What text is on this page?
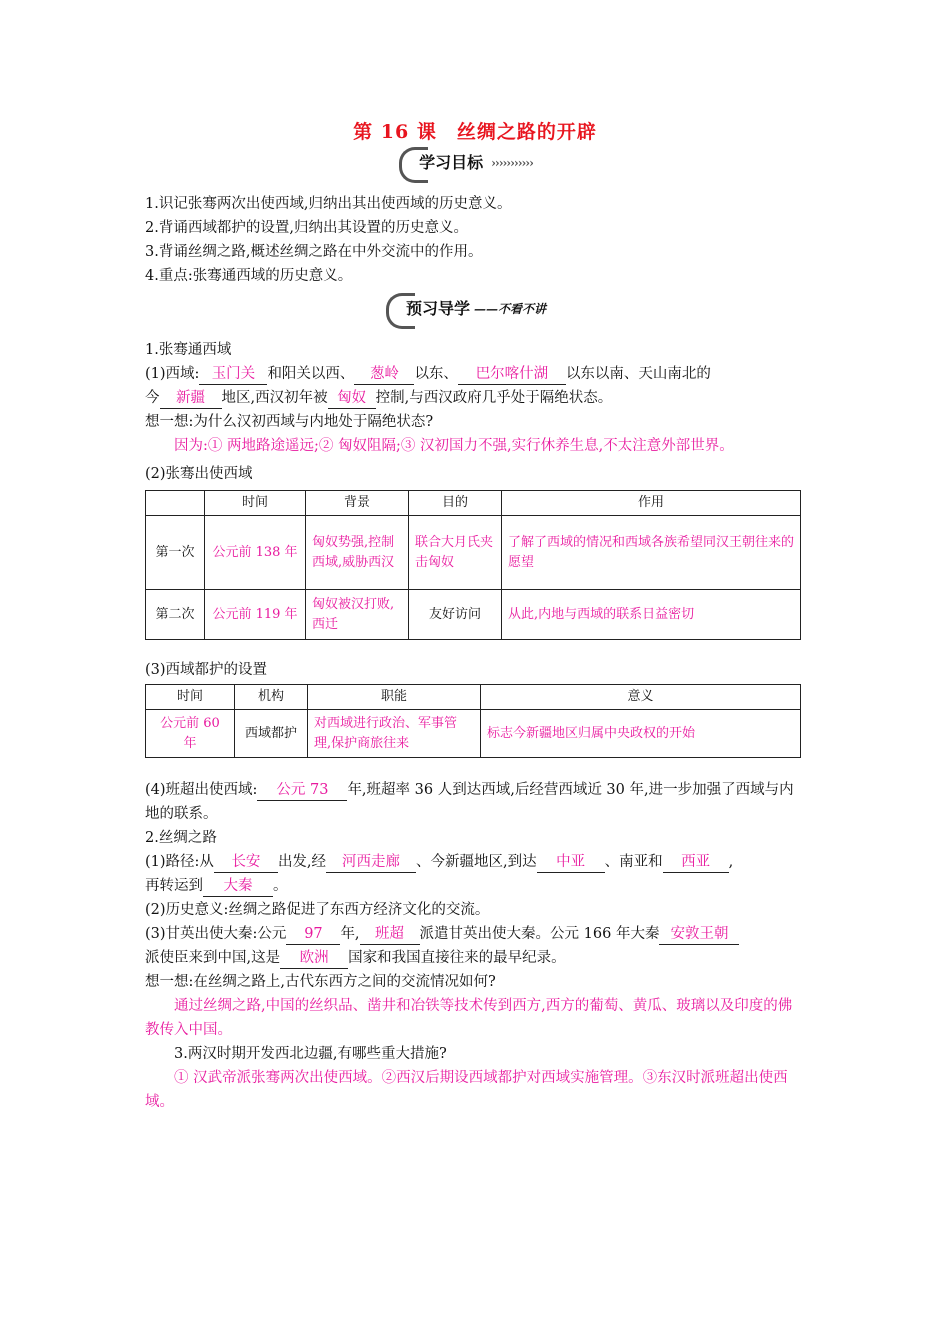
第 16 课　丝绸之路的开辟

学习目标 ›››››››››››

1.识记张骞两次出使西域,归纳出其出使西域的历史意义。

2.背诵西域都护的设置,归纳出其设置的历史意义。

3.背诵丝绸之路,概述丝绸之路在中外交流中的作用。

4.重点:张骞通西域的历史意义。

预习导学 ——不看不讲

1.张骞通西域

(1)西域: 玉门关 和阳关以西、 葱岭 以东、 巴尔喀什湖 以东以南、天山南北的
今 新疆 地区,西汉初年被 匈奴 控制,与西汉政府几乎处于隔绝状态。

想一想:为什么汉初西域与内地处于隔绝状态?

因为:① 两地路途遥远;② 匈奴阻隔;③ 汉初国力不强,实行休养生息,不太注意外部世界。

(2)张骞出使西域

	时间	背景	目的	作用
第一次	公元前 138 年	匈奴势强,控制西域,威胁西汉	联合大月氏夹击匈奴	了解了西域的情况和西域各族希望同汉王朝往来的愿望
第二次	公元前 119 年	匈奴被汉打败,西迁	友好访问	从此,内地与西域的联系日益密切

(3)西域都护的设置

时间	机构	职能	意义
公元前 60 年	西域都护	对西域进行政治、军事管理,保护商旅往来	标志今新疆地区归属中央政权的开始

(4)班超出使西域: 公元 73 年,班超率 36 人到达西域,后经营西域近 30 年,进一步加强了西域与内地的联系。

2.丝绸之路

(1)路径:从 长安 出发,经 河西走廊 、今新疆地区,到达 中亚 、南亚和 西亚 ,
再转运到 大秦 。

(2)历史意义:丝绸之路促进了东西方经济文化的交流。

(3)甘英出使大秦:公元 97 年, 班超 派遣甘英出使大秦。公元 166 年大秦 安敦王朝
派使臣来到中国,这是 欧洲 国家和我国直接往来的最早纪录。

想一想:在丝绸之路上,古代东西方之间的交流情况如何?

通过丝绸之路,中国的丝织品、凿井和冶铁等技术传到西方,西方的葡萄、黄瓜、玻璃以及印度的佛教传入中国。

3.两汉时期开发西北边疆,有哪些重大措施?

① 汉武帝派张骞两次出使西域。②西汉后期设西域都护对西域实施管理。③东汉时派班超出使西域。
